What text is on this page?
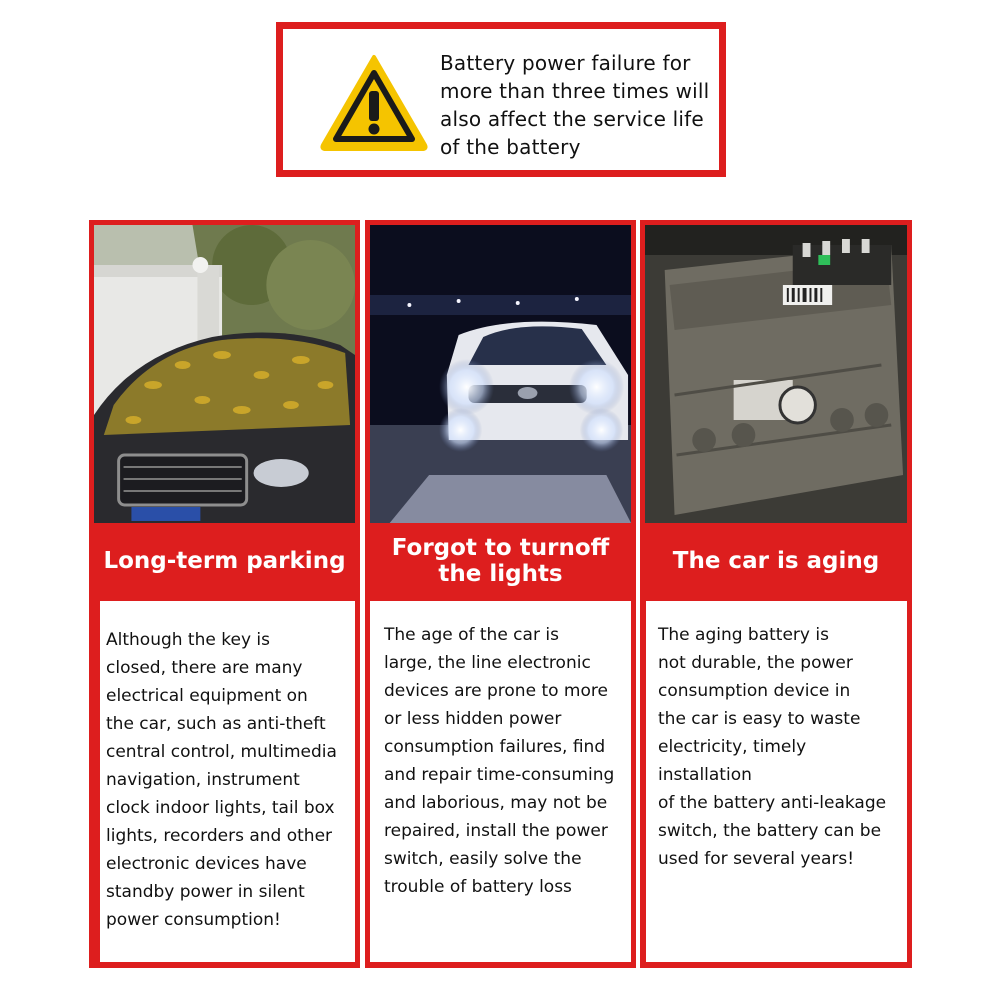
Battery power failure for
more than three times will
also affect the service life
of the battery
Long-term parking
Although the key is
closed, there are many
electrical equipment on
the car, such as anti-theft
central control, multimedia
navigation, instrument
clock indoor lights, tail box
lights, recorders and other
electronic devices have
standby power in silent
power consumption!
Forgot to turnoff the lights
The age of the car is
large, the line electronic
devices are prone to more
or less hidden power
consumption failures, find
and repair time-consuming
and laborious, may not be
repaired, install the power
switch, easily solve the
trouble of battery loss
The car is aging
The aging battery is
not durable, the power
consumption device in
the car is easy to waste
electricity, timely installation
of the battery anti-leakage
switch, the battery can be
used for several years!
